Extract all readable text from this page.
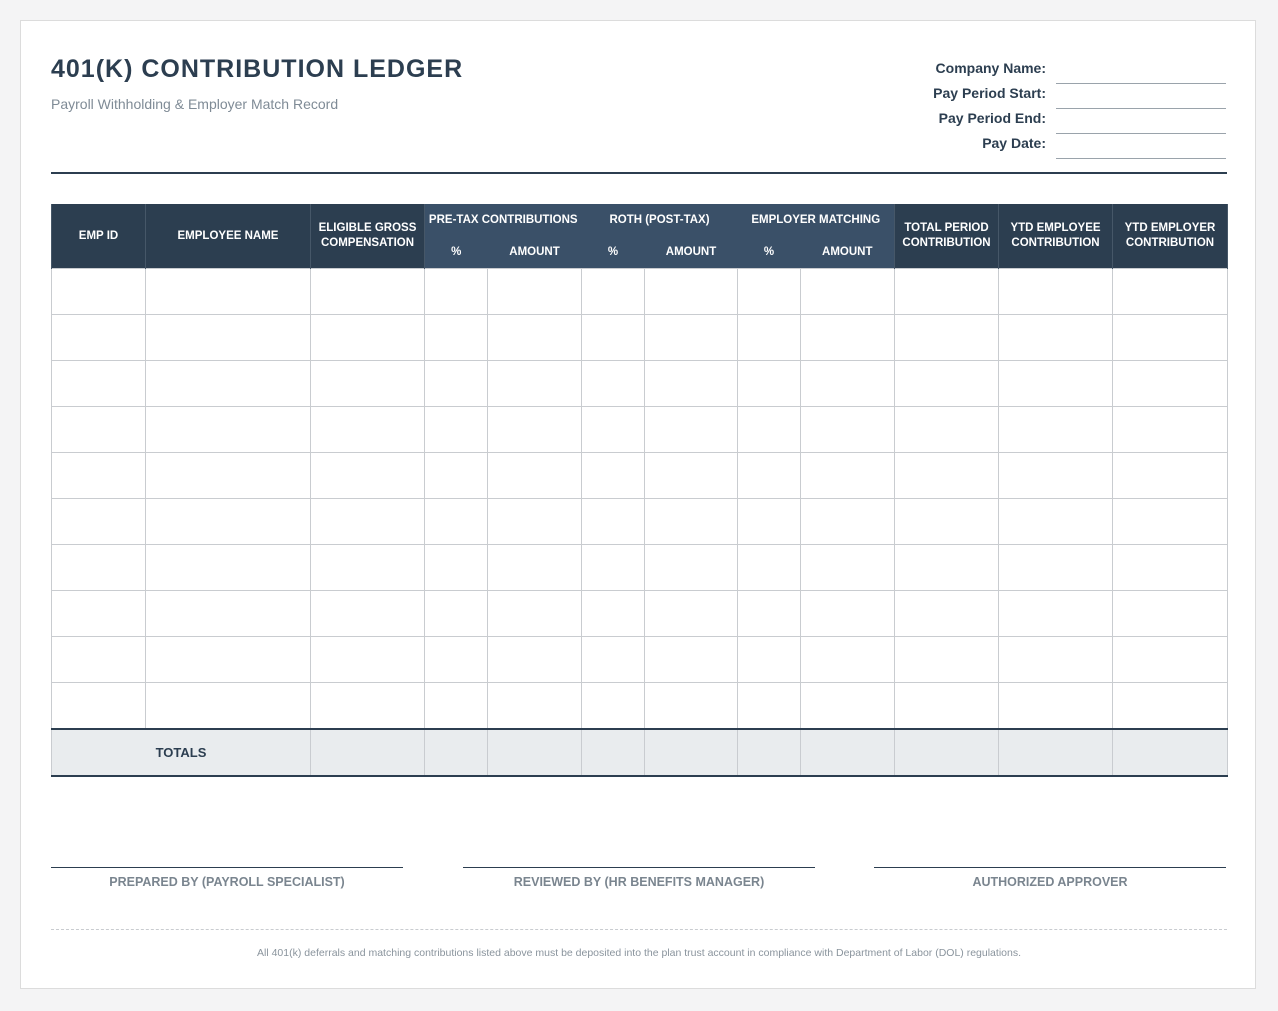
401(K) CONTRIBUTION LEDGER
Payroll Withholding & Employer Match Record
Company Name:
Pay Period Start:
Pay Period End:
Pay Date:
EMP ID	EMPLOYEE NAME	ELIGIBLE GROSS COMPENSATION	PRE-TAX CONTRIBUTIONS		ROTH (POST-TAX)		EMPLOYER MATCHING		TOTAL PERIOD CONTRIBUTION	YTD EMPLOYEE CONTRIBUTION	YTD EMPLOYER CONTRIBUTION
			%	AMOUNT	%	AMOUNT	%	AMOUNT			

TOTALS											
PREPARED BY (PAYROLL SPECIALIST)	REVIEWED BY (HR BENEFITS MANAGER)	AUTHORIZED APPROVER
All 401(k) deferrals and matching contributions listed above must be deposited into the plan trust account in compliance with Department of Labor (DOL) regulations.
